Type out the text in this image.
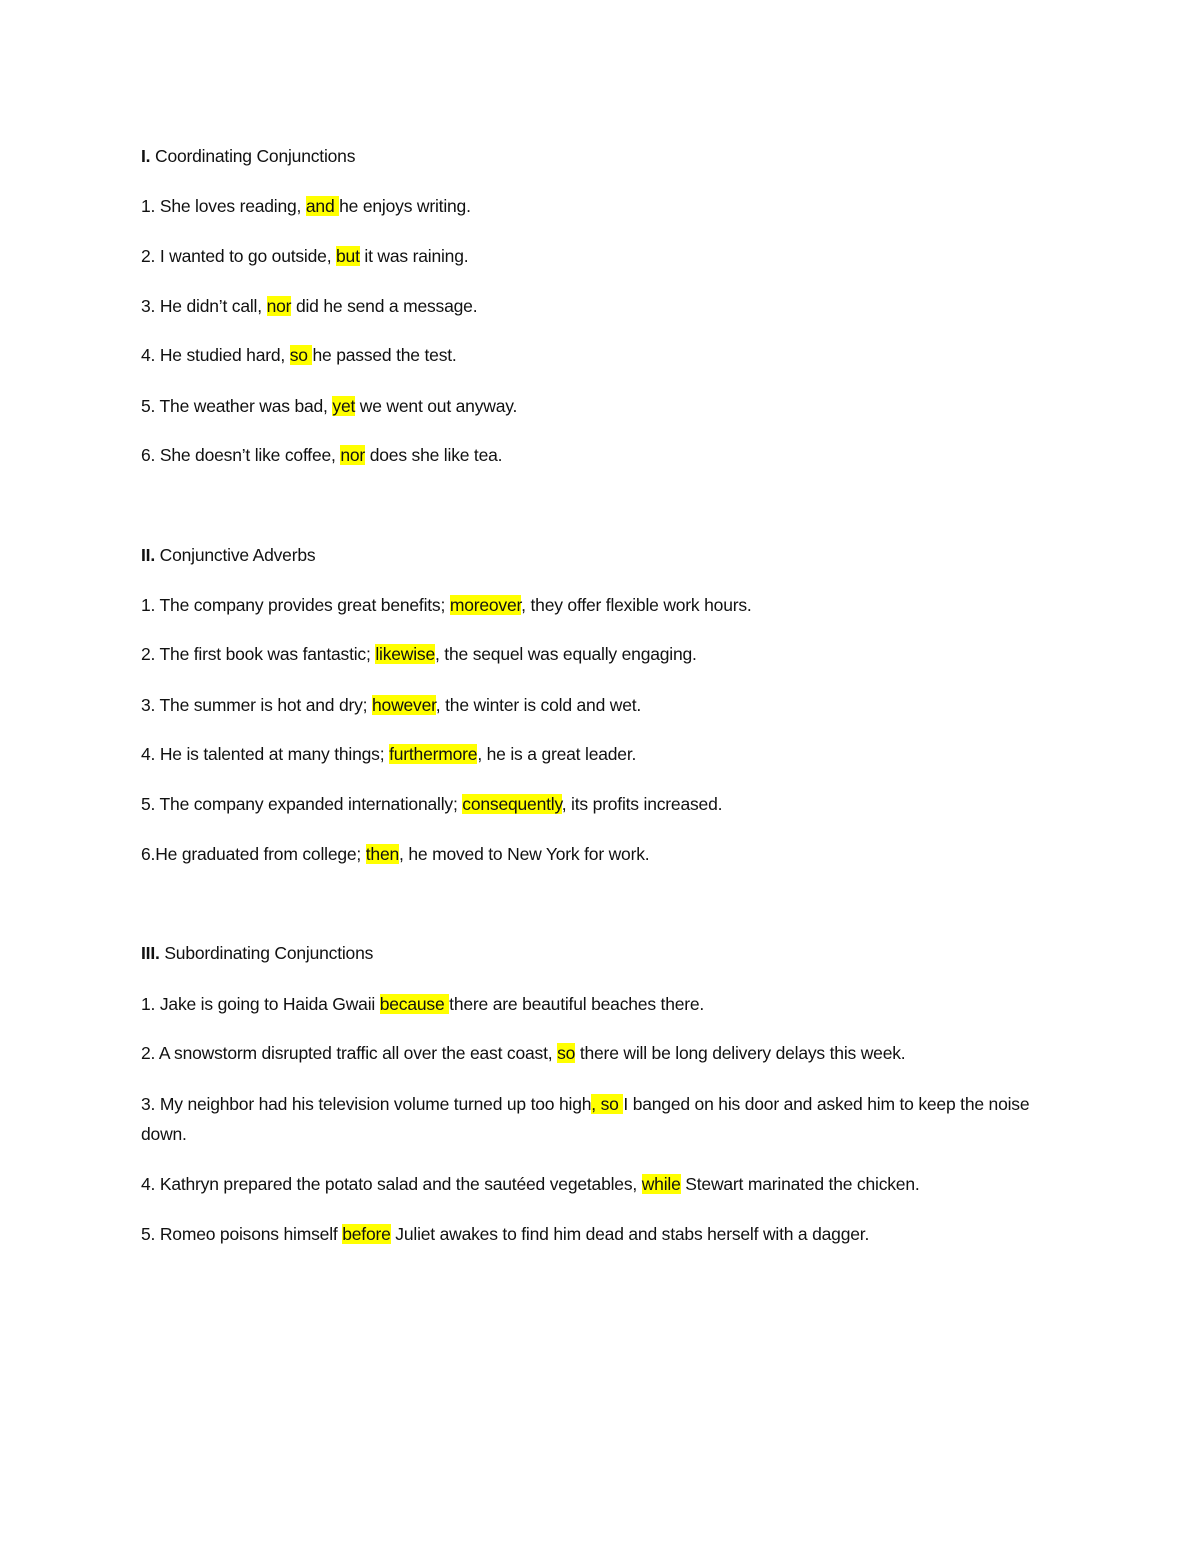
I. Coordinating Conjunctions
1. She loves reading, and he enjoys writing.
2. I wanted to go outside, but it was raining.
3. He didn’t call, nor did he send a message.
4. He studied hard, so he passed the test.
5. The weather was bad, yet we went out anyway.
6. She doesn’t like coffee, nor does she like tea.
II. Conjunctive Adverbs
1. The company provides great benefits; moreover, they offer flexible work hours.
2. The first book was fantastic; likewise, the sequel was equally engaging.
3. The summer is hot and dry; however, the winter is cold and wet.
4. He is talented at many things; furthermore, he is a great leader.
5. The company expanded internationally; consequently, its profits increased.
6.He graduated from college; then, he moved to New York for work.
III. Subordinating Conjunctions
1. Jake is going to Haida Gwaii because there are beautiful beaches there.
2. A snowstorm disrupted traffic all over the east coast, so there will be long delivery delays this week.
3. My neighbor had his television volume turned up too high, so I banged on his door and asked him to keep the noise down.
4. Kathryn prepared the potato salad and the sautéed vegetables, while Stewart marinated the chicken.
5. Romeo poisons himself before Juliet awakes to find him dead and stabs herself with a dagger.
